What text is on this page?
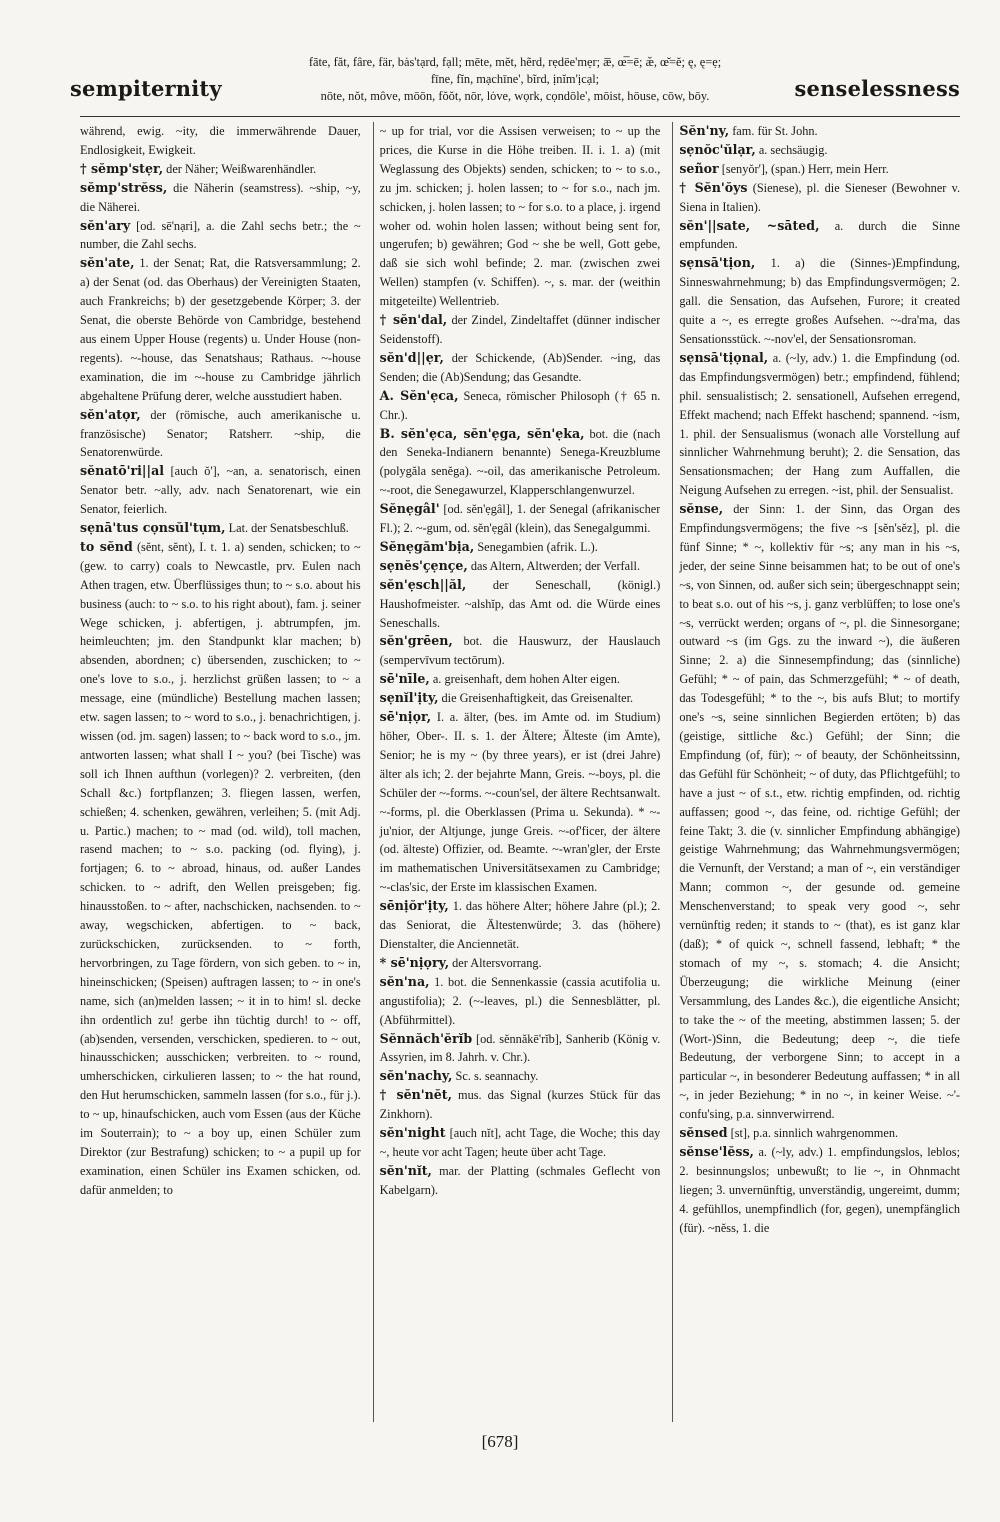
sempiternity
fāte, făt, fâre, fär, bȧs'tạrd, fạll; mēte, mĕt, hẽrd, rẹdēe'mẹr; æ̅, œ̅=ē; æ̆, œ̆=ĕ; ę, ę=ẹ;
fīne, fĭn, mạchīne', bĩrd, ịnĭm'ịcạl;
nōte, nŏt, môve, mōōn, fŏŏt, nōr, lȯve, wọrk, cọndōle', mōist, hōuse, cōw, bōy.	senselessness
während, ewig. ~ity, die immerwährende Dauer, Endlosigkeit, Ewigkeit.
† sĕmp'stẹr, der Näher; Weißwarenhändler.
sĕmp'strĕss, die Näherin (seamstress). ~ship, ~y, die Näherei.
sĕn'ary [od. sē'nạri], a. die Zahl sechs betr.; the ~ number, die Zahl sechs.
sĕn'ate, 1. der Senat; Rat, die Ratsversammlung; 2. a) der Senat (od. das Oberhaus) der Vereinigten Staaten, auch Frankreichs; b) der gesetzgebende Körper; 3. der Senat, die oberste Behörde von Cambridge, bestehend aus einem Upper House (regents) u. Under House (non-regents). ~-house, das Senatshaus; Rathaus. ~-house examination, die im ~-house zu Cambridge jährlich abgehaltene Prüfung derer, welche ausstudiert haben.
sĕn'atọr, der (römische, auch amerikanische u. französische) Senator; Ratsherr. ~ship, die Senatorenwürde.
sĕnatō'ri||al [auch ŏ'], ~an, a. senatorisch, einen Senator betr. ~ally, adv. nach Senatorenart, wie ein Senator, feierlich.
sẹnā'tus cọnsŭl'tụm, Lat. der Senatsbeschluß.
to sĕnd (sĕnt, sĕnt), I. t. 1. a) senden, schicken; to ~ (gew. to carry) coals to Newcastle, prv. Eulen nach Athen tragen, etw. Überflüssiges thun; to ~ s.o. about his business (auch: to ~ s.o. to his right about), fam. j. seiner Wege schicken, j. abfertigen, j. abtrumpfen, jm. heimleuchten; jm. den Standpunkt klar machen; b) absenden, abordnen; c) übersenden, zuschicken; to ~ one's love to s.o., j. herzlichst grüßen lassen; to ~ a message, eine (mündliche) Bestellung machen lassen; etw. sagen lassen; to ~ word to s.o., j. benachrichtigen, j. wissen (od. jm. sagen) lassen; to ~ back word to s.o., jm. antworten lassen; what shall I ~ you? (bei Tische) was soll ich Ihnen aufthun (vorlegen)? 2. verbreiten, (den Schall &c.) fortpflanzen; 3. fliegen lassen, werfen, schießen; 4. schenken, gewähren, verleihen; 5. (mit Adj. u. Partic.) machen; to ~ mad (od. wild), toll machen, rasend machen; to ~ s.o. packing (od. flying), j. fortjagen; 6. to ~ abroad, hinaus, od. außer Landes schicken. to ~ adrift, den Wellen preisgeben; fig. hinausstoßen. to ~ after, nachschicken, nachsenden. to ~ away, wegschicken, abfertigen. to ~ back, zurückschicken, zurücksenden. to ~ forth, hervorbringen, zu Tage fördern, von sich geben. to ~ in, hineinschicken; (Speisen) auftragen lassen; to ~ in one's name, sich (an)melden lassen; ~ it in to him! sl. decke ihn ordentlich zu! gerbe ihn tüchtig durch! to ~ off, (ab)senden, versenden, verschicken, spedieren. to ~ out, hinausschicken; ausschicken; verbreiten. to ~ round, umherschicken, cirkulieren lassen; to ~ the hat round, den Hut herumschicken, sammeln lassen (for s.o., für j.). to ~ up, hinaufschicken, auch vom Essen (aus der Küche im Souterrain); to ~ a boy up, einen Schüler zum Direktor (zur Bestrafung) schicken; to ~ a pupil up for examination, einen Schüler ins Examen schicken, od. dafür anmelden; to
~ up for trial, vor die Assisen verweisen; to ~ up the prices, die Kurse in die Höhe treiben. II. i. 1. a) (mit Weglassung des Objekts) senden, schicken; to ~ to s.o., zu jm. schicken; j. holen lassen; to ~ for s.o., nach jm. schicken, j. holen lassen; to ~ for s.o. to a place, j. irgend woher od. wohin holen lassen; without being sent for, ungerufen; b) gewähren; God ~ she be well, Gott gebe, daß sie sich wohl befinde; 2. mar. (zwischen zwei Wellen) stampfen (v. Schiffen). ~, s. mar. der (weithin mitgeteilte) Wellentrieb.
† sĕn'dal, der Zindel, Zindeltaffet (dünner indischer Seidenstoff).
sĕn'd||ẹr, der Schickende, (Ab)Sender. ~ing, das Senden; die (Ab)Sendung; das Gesandte.
A. Sĕn'ẹca, Seneca, römischer Philosoph († 65 n. Chr.).
B. sĕn'ẹca, sĕn'ẹga, sĕn'ẹka, bot. die (nach den Seneka-Indianern benannte) Senega-Kreuzblume (polygăla senĕga). ~-oil, das amerikanische Petroleum. ~-root, die Senegawurzel, Klapperschlangenwurzel.
Sĕnẹgâl' [od. sĕn'ẹgâl], 1. der Senegal (afrikanischer Fl.); 2. ~-gum, od. sĕn'ẹgâl (klein), das Senegalgummi.
Sĕnẹgăm'bịa, Senegambien (afrik. L.).
sẹnĕs'çẹnçe, das Altern, Altwerden; der Verfall.
sĕn'ẹsch||ăl, der Seneschall, (königl.) Haushofmeister. ~alshĭp, das Amt od. die Würde eines Seneschalls.
sĕn'grēen, bot. die Hauswurz, der Hauslauch (sempervīvum tectōrum).
sē'nīle, a. greisenhaft, dem hohen Alter eigen.
sẹnĭl'ịty, die Greisenhaftigkeit, das Greisenalter.
sē'nịọr, I. a. älter, (bes. im Amte od. im Studium) höher, Ober-. II. s. 1. der Ältere; Älteste (im Amte), Senior; he is my ~ (by three years), er ist (drei Jahre) älter als ich; 2. der bejahrte Mann, Greis. ~-boys, pl. die Schüler der ~-forms. ~-coun'sel, der ältere Rechtsanwalt. ~-forms, pl. die Oberklassen (Prima u. Sekunda). * ~-ju'nior, der Altjunge, junge Greis. ~-of'ficer, der ältere (od. älteste) Offizier, od. Beamte. ~-wran'gler, der Erste im mathematischen Universitätsexamen zu Cambridge; ~-clas'sic, der Erste im klassischen Examen.
sēnịŏr'ịty, 1. das höhere Alter; höhere Jahre (pl.); 2. das Seniorat, die Ältestenwürde; 3. das (höhere) Dienstalter, die Anciennetät.
* sē'nịọry, der Altersvorrang.
sĕn'na, 1. bot. die Sennenkassie (cassia acutifolia u. angustifolia); 2. (~-leaves, pl.) die Sennesblätter, pl. (Abführmittel).
Sĕnnăch'ĕrĭb [od. sĕnnăkē'rĭb], Sanherib (König v. Assyrien, im 8. Jahrh. v. Chr.).
sĕn'nachy, Sc. s. seannachy.
† sĕn'nĕt, mus. das Signal (kurzes Stück für das Zinkhorn).
sĕn'night [auch nĭt], acht Tage, die Woche; this day ~, heute vor acht Tagen; heute über acht Tage.
sĕn'nĭt, mar. der Platting (schmales Geflecht von Kabelgarn).
Sĕn'ny, fam. für St. John.
sẹnŏc'ŭlạr, a. sechsäugig.
señor [senyŏr'], (span.) Herr, mein Herr.
† Sĕn'ŏys (Sienese), pl. die Sieneser (Bewohner v. Siena in Italien).
sĕn'||sate, ~sāted, a. durch die Sinne empfunden.
sẹnsā'tịon, 1. a) die (Sinnes-)Empfindung, Sinneswahrnehmung; b) das Empfindungsvermögen; 2. gall. die Sensation, das Aufsehen, Furore; it created quite a ~, es erregte großes Aufsehen. ~-dra'ma, das Sensationsstück. ~-nov'el, der Sensationsroman.
sẹnsā'tịọnal, a. (~ly, adv.) 1. die Empfindung (od. das Empfindungsvermögen) betr.; empfindend, fühlend; phil. sensualistisch; 2. sensationell, Aufsehen erregend, Effekt machend; nach Effekt haschend; spannend. ~ism, 1. phil. der Sensualismus (wonach alle Vorstellung auf sinnlicher Wahrnehmung beruht); 2. die Sensation, das Sensationsmachen; der Hang zum Auffallen, die Neigung Aufsehen zu erregen. ~ist, phil. der Sensualist.
sĕnse, der Sinn: 1. der Sinn, das Organ des Empfindungsvermögens; the five ~s [sĕn'sĕz], pl. die fünf Sinne; * ~, kollektiv für ~s; any man in his ~s, jeder, der seine Sinne beisammen hat; to be out of one's ~s, von Sinnen, od. außer sich sein; übergeschnappt sein; to beat s.o. out of his ~s, j. ganz verblüffen; to lose one's ~s, verrückt werden; organs of ~, pl. die Sinnesorgane; outward ~s (im Ggs. zu the inward ~), die äußeren Sinne; 2. a) die Sinnesempfindung; das (sinnliche) Gefühl; * ~ of pain, das Schmerzgefühl; * ~ of death, das Todesgefühl; * to the ~, bis aufs Blut; to mortify one's ~s, seine sinnlichen Begierden ertöten; b) das (geistige, sittliche &c.) Gefühl; der Sinn; die Empfindung (of, für); ~ of beauty, der Schönheitssinn, das Gefühl für Schönheit; ~ of duty, das Pflichtgefühl; to have a just ~ of s.t., etw. richtig empfinden, od. richtig auffassen; good ~, das feine, od. richtige Gefühl; der feine Takt; 3. die (v. sinnlicher Empfindung abhängige) geistige Wahrnehmung; das Wahrnehmungsvermögen; die Vernunft, der Verstand; a man of ~, ein verständiger Mann; common ~, der gesunde od. gemeine Menschenverstand; to speak very good ~, sehr vernünftig reden; it stands to ~ (that), es ist ganz klar (daß); * of quick ~, schnell fassend, lebhaft; * the stomach of my ~, s. stomach; 4. die Ansicht; Überzeugung; die wirkliche Meinung (einer Versammlung, des Landes &c.), die eigentliche Ansicht; to take the ~ of the meeting, abstimmen lassen; 5. der (Wort-)Sinn, die Bedeutung; deep ~, die tiefe Bedeutung, der verborgene Sinn; to accept in a particular ~, in besonderer Bedeutung auffassen; * in all ~, in jeder Beziehung; * in no ~, in keiner Weise. ~'-confu'sing, p.a. sinnverwirrend.
sĕnsed [st], p.a. sinnlich wahrgenommen.
sĕnse'lĕss, a. (~ly, adv.) 1. empfindungslos, leblos; 2. besinnungslos; unbewußt; to lie ~, in Ohnmacht liegen; 3. unvernünftig, unverständig, ungereimt, dumm; 4. gefühllos, unempfindlich (for, gegen), unempfänglich (für). ~nĕss, 1. die
[678]
